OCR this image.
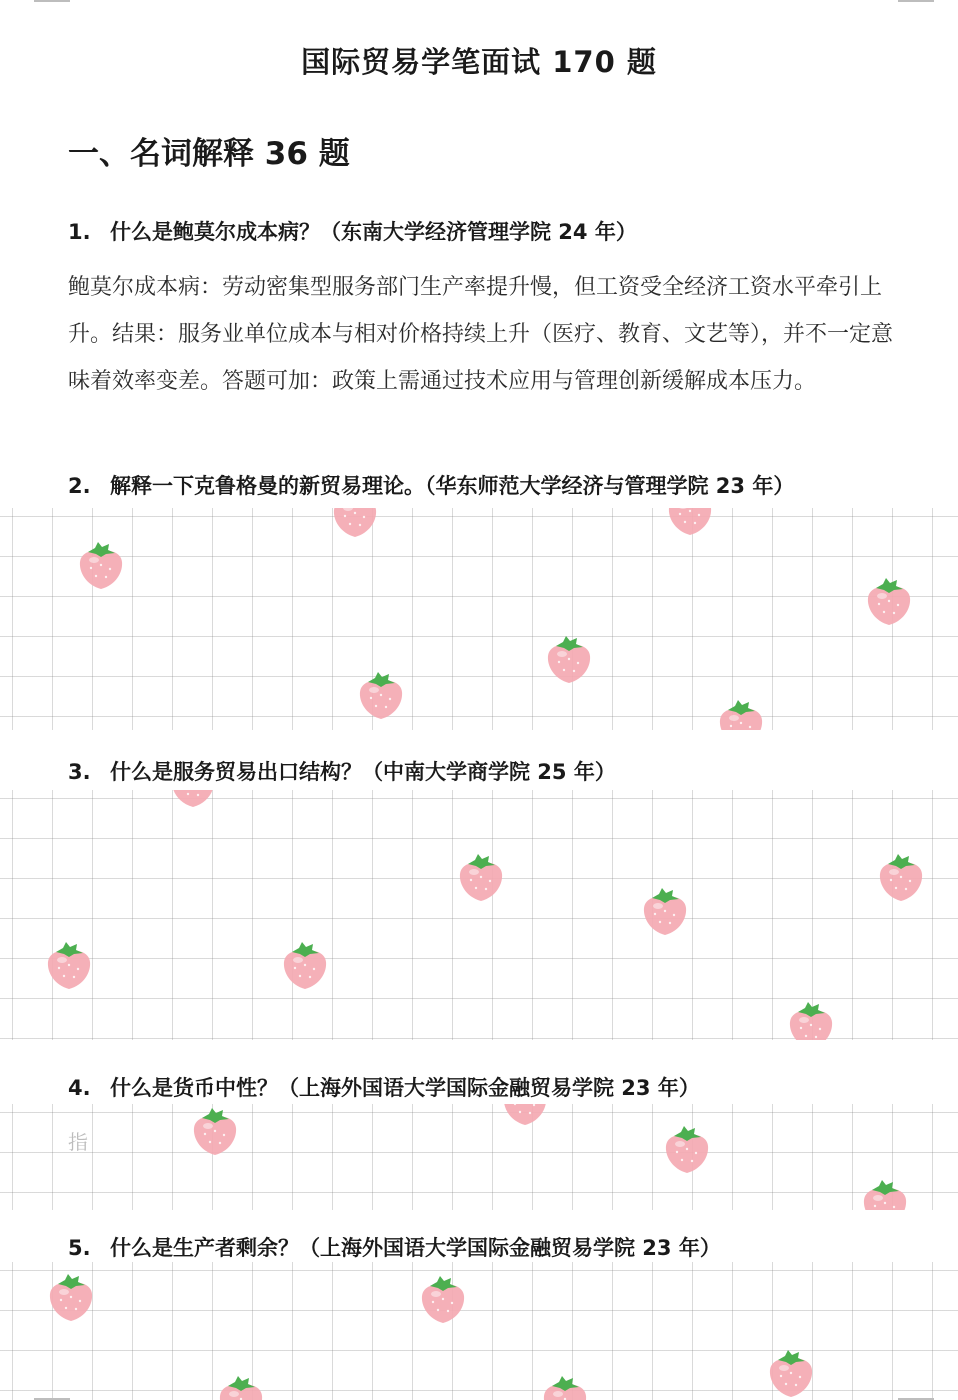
国际贸易学笔面试 170 题
一、名词解释 36 题
1. 什么是鲍莫尔成本病？（东南大学经济管理学院 24 年）
鲍莫尔成本病：劳动密集型服务部门生产率提升慢，但工资受全经济工资水平牵引上升。结果：服务业单位成本与相对价格持续上升（医疗、教育、文艺等），并不一定意味着效率变差。答题可加：政策上需通过技术应用与管理创新缓解成本压力。
2. 解释一下克鲁格曼的新贸易理论。（华东师范大学经济与管理学院 23 年）
3. 什么是服务贸易出口结构？（中南大学商学院 25 年）
4. 什么是货币中性？（上海外国语大学国际金融贸易学院 23 年）
指
5. 什么是生产者剩余？（上海外国语大学国际金融贸易学院 23 年）
